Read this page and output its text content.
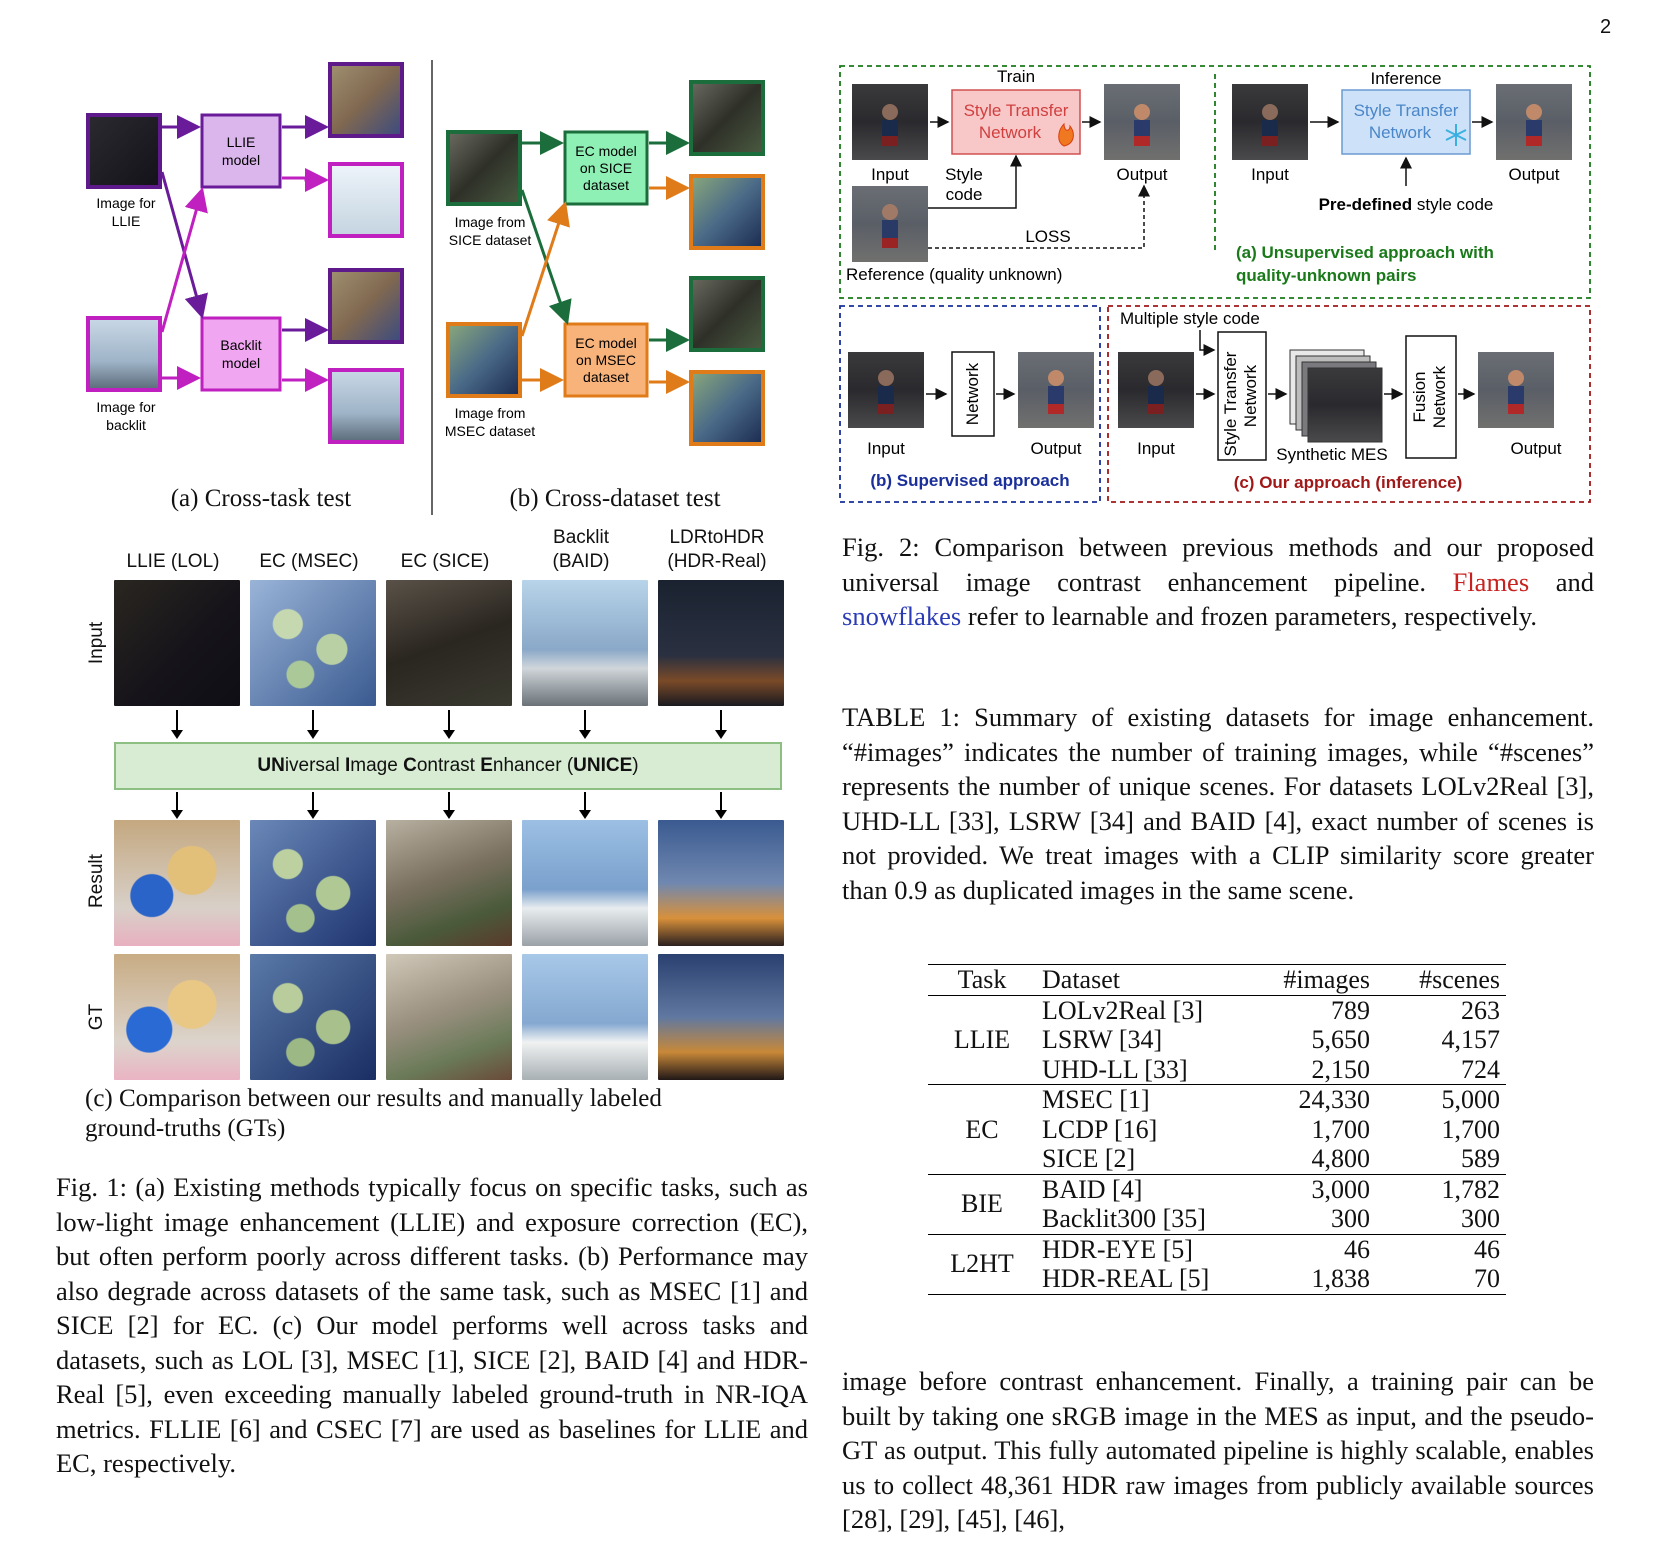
2
Image for LLIE
Image for backlit
LLIE model
Backlit model
Image from SICE dataset
Image from MSEC dataset
EC model on SICE dataset
EC model on MSEC dataset
(a) Cross-task test	(b) Cross-dataset test
LLIE (LOL)	EC (MSEC)	EC (SICE)
Backlit
(BAID)
LDRtoHDR
(HDR-Real)
Input
Result
GT
UNiversal Image Contrast Enhancer (UNICE)
(c) Comparison between our results and manually labeled
ground-truths (GTs)
Fig. 1: (a) Existing methods typically focus on specific tasks, such as low-light image enhancement (LLIE) and exposure correction (EC), but often perform poorly across different tasks. (b) Performance may also degrade across datasets of the same task, such as MSEC [1] and SICE [2] for EC. (c) Our model performs well across tasks and datasets, such as LOL [3], MSEC [1], SICE [2], BAID [4] and HDR-Real [5], even exceeding manually labeled ground-truth in NR-IQA metrics. FLLIE [6] and CSEC [7] are used as baselines for LLIE and EC, respectively.
Train	Inference
Input
Style Transfer Network
Output
Style code
LOSS
Reference (quality unknown)
Input
Style Transfer Network
Output
Pre-defined style code
(a) Unsupervised approach with quality-unknown pairs
Input
Network
Output
(b) Supervised approach
Multiple style code
Input	Style TransferNetwork
Synthetic MES
FusionNetwork
Output
(c) Our approach (inference)
Fig. 2: Comparison between previous methods and our proposed universal image contrast enhancement pipeline. Flames and snowflakes refer to learnable and frozen parameters, respectively.
TABLE 1: Summary of existing datasets for image enhancement. “#images” indicates the number of training images, while “#scenes” represents the number of unique scenes. For datasets LOLv2Real [3], UHD-LL [33], LSRW [34] and BAID [4], exact number of scenes is not provided. We treat images with a CLIP similarity score greater than 0.9 as duplicated images in the same scene.
Task	Dataset	#images	#scenes
LLIE	LOLv2Real [3]	789	263
	LSRW [34]	5,650	4,157
	UHD-LL [33]	2,150	724
EC	MSEC [1]	24,330	5,000
	LCDP [16]	1,700	1,700
	SICE [2]	4,800	589
BIE	BAID [4]	3,000	1,782
	Backlit300 [35]	300	300
L2HT	HDR-EYE [5]	46	46
	HDR-REAL [5]	1,838	70
image before contrast enhancement. Finally, a training pair can be built by taking one sRGB image in the MES as input, and the pseudo-GT as output. This fully automated pipeline is highly scalable, enables us to collect 48,361 HDR raw images from publicly available sources [28], [29], [45], [46],
